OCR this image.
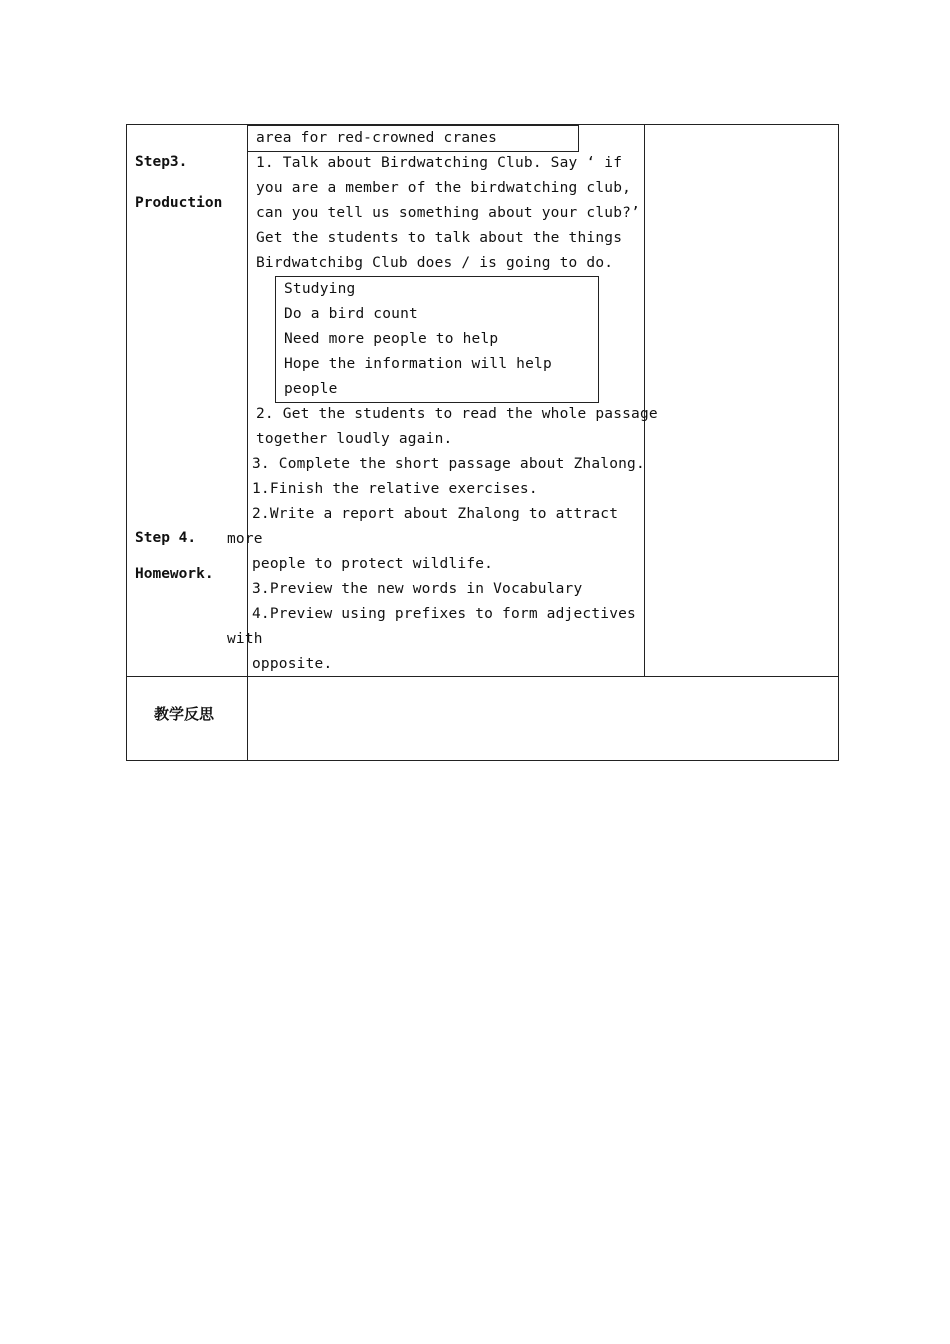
Step3.
Production
Step 4.
Homework.
area for red-crowned cranes
1. Talk about Birdwatching Club. Say ‘ if
you are a member of the birdwatching club,
can you tell us something about your club?’
Get the students to talk about the things
Birdwatchibg Club does / is going to do.
Studying
Do a bird count
Need more people to help
Hope the information will help
people
2. Get the students to read the whole passage
together loudly again.
3. Complete the short passage about Zhalong.
1.Finish the relative exercises.
2.Write a report about Zhalong to attract
more
people to protect wildlife.
3.Preview the new words in Vocabulary
4.Preview using prefixes to form adjectives
with
opposite.
教学反思
